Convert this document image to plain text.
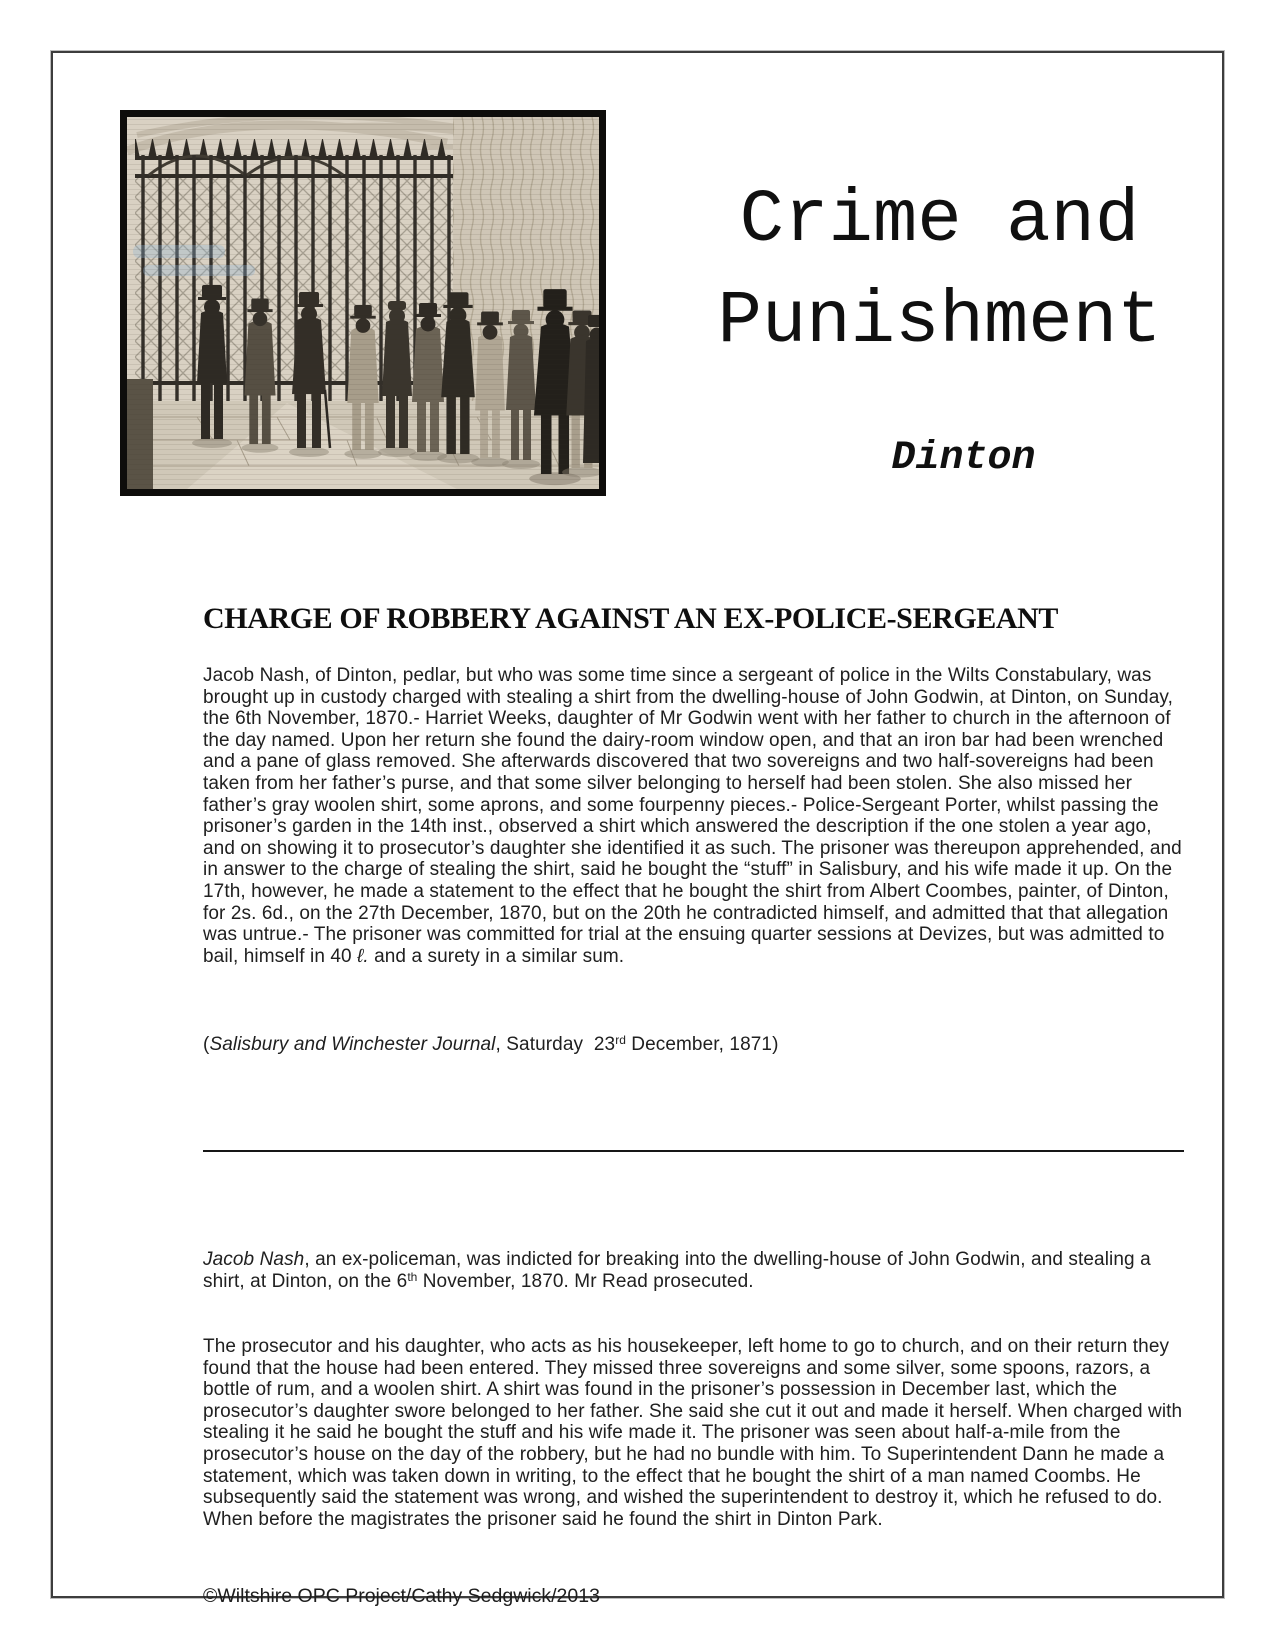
Crime and
Punishment
Dinton
CHARGE OF ROBBERY AGAINST AN EX-POLICE-SERGEANT
Jacob Nash, of Dinton, pedlar, but who was some time since a sergeant of police in the Wilts Constabulary, was brought up in custody charged with stealing a shirt from the dwelling-house of John Godwin, at Dinton, on Sunday, the 6th November, 1870.- Harriet Weeks, daughter of Mr Godwin went with her father to church in the afternoon of the day named. Upon her return she found the dairy-room window open, and that an iron bar had been wrenched and a pane of glass removed. She afterwards discovered that two sovereigns and two half-sovereigns had been taken from her father’s purse, and that some silver belonging to herself had been stolen. She also missed her father’s gray woolen shirt, some aprons, and some fourpenny pieces.- Police-Sergeant Porter, whilst passing the prisoner’s garden in the 14th inst., observed a shirt which answered the description if the one stolen a year ago, and on showing it to prosecutor’s daughter she identified it as such. The prisoner was thereupon apprehended, and in answer to the charge of stealing the shirt, said he bought the “stuff” in Salisbury, and his wife made it up. On the 17th, however, he made a statement to the effect that he bought the shirt from Albert Coombes, painter, of Dinton, for 2s. 6d., on the 27th December, 1870, but on the 20th he contradicted himself, and admitted that that allegation was untrue.- The prisoner was committed for trial at the ensuing quarter sessions at Devizes, but was admitted to bail, himself in 40 ℓ. and a surety in a similar sum.
(Salisbury and Winchester Journal, Saturday  23rd December, 1871)
Jacob Nash, an ex-policeman, was indicted for breaking into the dwelling-house of John Godwin, and stealing a shirt, at Dinton, on the 6th November, 1870. Mr Read prosecuted.
The prosecutor and his daughter, who acts as his housekeeper, left home to go to church, and on their return they found that the house had been entered. They missed three sovereigns and some silver, some spoons, razors, a bottle of rum, and a woolen shirt. A shirt was found in the prisoner’s possession in December last, which the prosecutor’s daughter swore belonged to her father. She said she cut it out and made it herself. When charged with stealing it he said he bought the stuff and his wife made it. The prisoner was seen about half-a-mile from the prosecutor’s house on the day of the robbery, but he had no bundle with him. To Superintendent Dann he made a statement, which was taken down in writing, to the effect that he bought the shirt of a man named Coombs. He subsequently said the statement was wrong, and wished the superintendent to destroy it, which he refused to do. When before the magistrates the prisoner said he found the shirt in Dinton Park.
©Wiltshire OPC Project/Cathy Sedgwick/2013
